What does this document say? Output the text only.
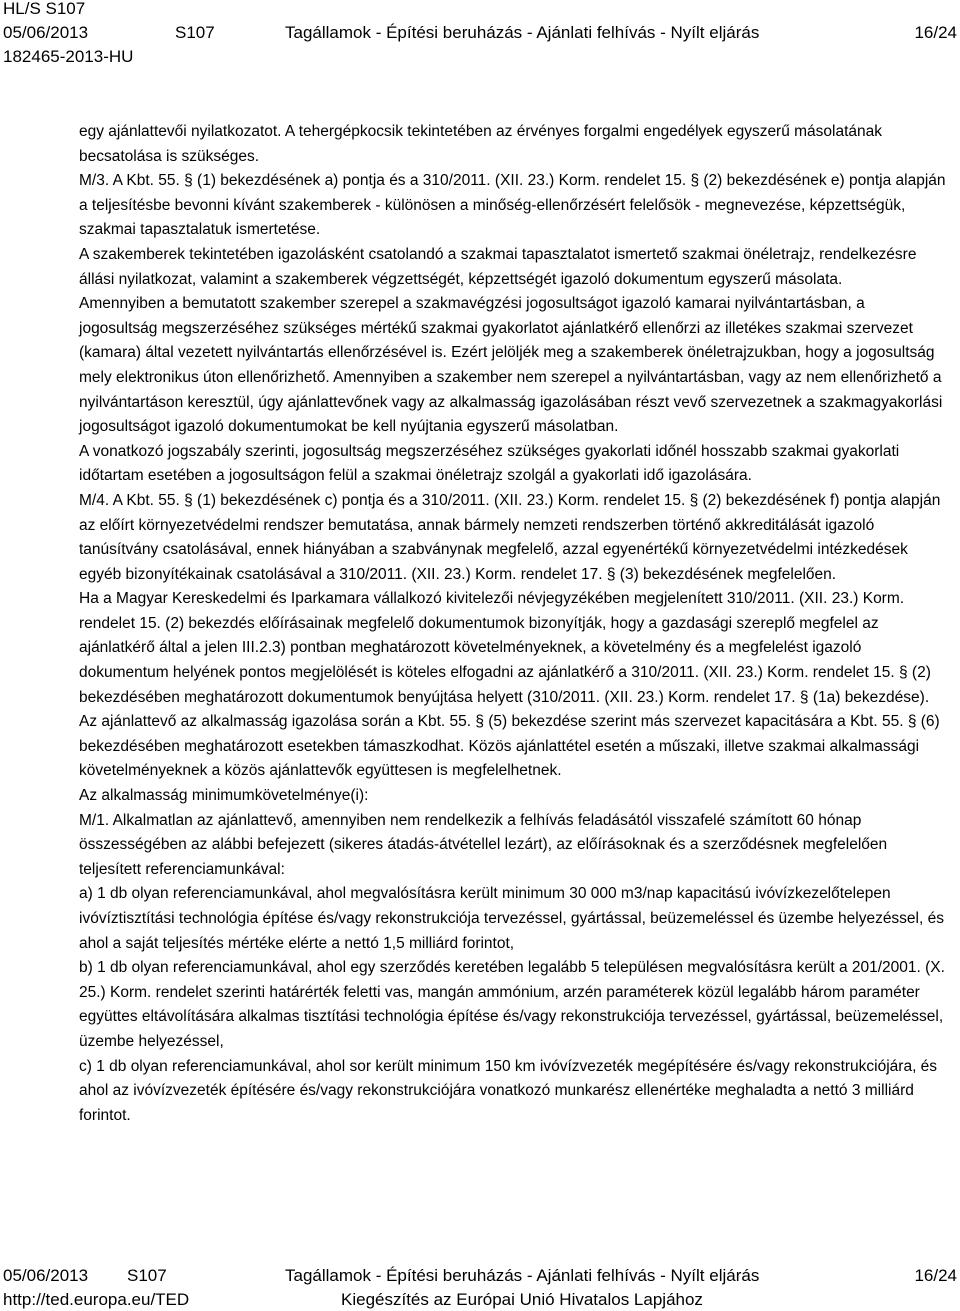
HL/S S107
05/06/2013	S107	Tagállamok - Építési beruházás - Ajánlati felhívás - Nyílt eljárás	16/24
182465-2013-HU

egy ajánlattevői nyilatkozatot. A tehergépkocsik tekintetében az érvényes forgalmi engedélyek egyszerű másolatának becsatolása is szükséges.

M/3. A Kbt. 55. § (1) bekezdésének a) pontja és a 310/2011. (XII. 23.) Korm. rendelet 15. § (2) bekezdésének e) pontja alapján a teljesítésbe bevonni kívánt szakemberek - különösen a minőség-ellenőrzésért felelősök - megnevezése, képzettségük, szakmai tapasztalatuk ismertetése.

A szakemberek tekintetében igazolásként csatolandó a szakmai tapasztalatot ismertető szakmai önéletrajz, rendelkezésre állási nyilatkozat, valamint a szakemberek végzettségét, képzettségét igazoló dokumentum egyszerű másolata.

Amennyiben a bemutatott szakember szerepel a szakmavégzési jogosultságot igazoló kamarai nyilvántartásban, a jogosultság megszerzéséhez szükséges mértékű szakmai gyakorlatot ajánlatkérő ellenőrzi az illetékes szakmai szervezet (kamara) által vezetett nyilvántartás ellenőrzésével is. Ezért jelöljék meg a szakemberek önéletrajzukban, hogy a jogosultság mely elektronikus úton ellenőrizhető. Amennyiben a szakember nem szerepel a nyilvántartásban, vagy az nem ellenőrizhető a nyilvántartáson keresztül, úgy ajánlattevőnek vagy az alkalmasság igazolásában részt vevő szervezetnek a szakmagyakorlási jogosultságot igazoló dokumentumokat be kell nyújtania egyszerű másolatban.

A vonatkozó jogszabály szerinti, jogosultság megszerzéséhez szükséges gyakorlati időnél hosszabb szakmai gyakorlati időtartam esetében a jogosultságon felül a szakmai önéletrajz szolgál a gyakorlati idő igazolására.

M/4. A Kbt. 55. § (1) bekezdésének c) pontja és a 310/2011. (XII. 23.) Korm. rendelet 15. § (2) bekezdésének f) pontja alapján az előírt környezetvédelmi rendszer bemutatása, annak bármely nemzeti rendszerben történő akkreditálását igazoló tanúsítvány csatolásával, ennek hiányában a szabványnak megfelelő, azzal egyenértékű környezetvédelmi intézkedések egyéb bizonyítékainak csatolásával a 310/2011. (XII. 23.) Korm. rendelet 17. § (3) bekezdésének megfelelően.

Ha a Magyar Kereskedelmi és Iparkamara vállalkozó kivitelezői névjegyzékében megjelenített 310/2011. (XII. 23.) Korm. rendelet 15. (2) bekezdés előírásainak megfelelő dokumentumok bizonyítják, hogy a gazdasági szereplő megfelel az ajánlatkérő által a jelen III.2.3) pontban meghatározott követelményeknek, a követelmény és a megfelelést igazoló dokumentum helyének pontos megjelölését is köteles elfogadni az ajánlatkérő a 310/2011. (XII. 23.) Korm. rendelet 15. § (2) bekezdésében meghatározott dokumentumok benyújtása helyett (310/2011. (XII. 23.) Korm. rendelet 17. § (1a) bekezdése).

Az ajánlattevő az alkalmasság igazolása során a Kbt. 55. § (5) bekezdése szerint más szervezet kapacitására a Kbt. 55. § (6) bekezdésében meghatározott esetekben támaszkodhat. Közös ajánlattétel esetén a műszaki, illetve szakmai alkalmassági követelményeknek a közös ajánlattevők együttesen is megfelelhetnek.

Az alkalmasság minimumkövetelménye(i):

M/1. Alkalmatlan az ajánlattevő, amennyiben nem rendelkezik a felhívás feladásától visszafelé számított 60 hónap összességében az alábbi befejezett (sikeres átadás-átvétellel lezárt), az előírásoknak és a szerződésnek megfelelően teljesített referenciamunkával:

a) 1 db olyan referenciamunkával, ahol megvalósításra került minimum 30 000 m3/nap kapacitású ivóvízkezelőtelepen ivóvíztisztítási technológia építése és/vagy rekonstrukciója tervezéssel, gyártással, beüzemeléssel és üzembe helyezéssel, és ahol a saját teljesítés mértéke elérte a nettó 1,5 milliárd forintot,

b) 1 db olyan referenciamunkával, ahol egy szerződés keretében legalább 5 településen megvalósításra került a 201/2001. (X. 25.) Korm. rendelet szerinti határérték feletti vas, mangán ammónium, arzén paraméterek közül legalább három paraméter együttes eltávolítására alkalmas tisztítási technológia építése és/vagy rekonstrukciója tervezéssel, gyártással, beüzemeléssel, üzembe helyezéssel,

c) 1 db olyan referenciamunkával, ahol sor került minimum 150 km ivóvízvezeték megépítésére és/vagy rekonstrukciójára, és ahol az ivóvízvezeték építésére és/vagy rekonstrukciójára vonatkozó munkarész ellenértéke meghaladta a nettó 3 milliárd forintot.

05/06/2013 S107	Tagállamok - Építési beruházás - Ajánlati felhívás - Nyílt eljárás	16/24
http://ted.europa.eu/TED	Kiegészítés az Európai Unió Hivatalos Lapjához
